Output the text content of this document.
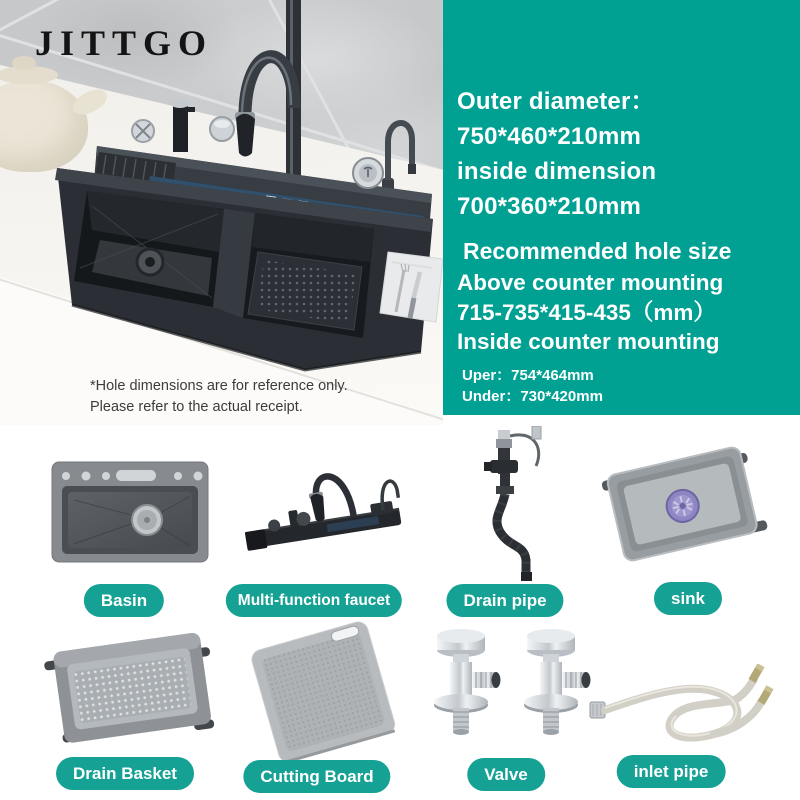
JITTGO
*Hole dimensions are for reference only.
Please refer to the actual receipt.
Outer diameter：
750*460*210mm
inside dimension
700*360*210mm
Recommended hole size
Above counter mounting
715-735*415-435（mm）
Inside counter mounting
Uper：754*464mm
Under：730*420mm
Basin	Multi-function faucet	Drain pipe	sink
Drain Basket	Cutting Board	Valve	inlet pipe
